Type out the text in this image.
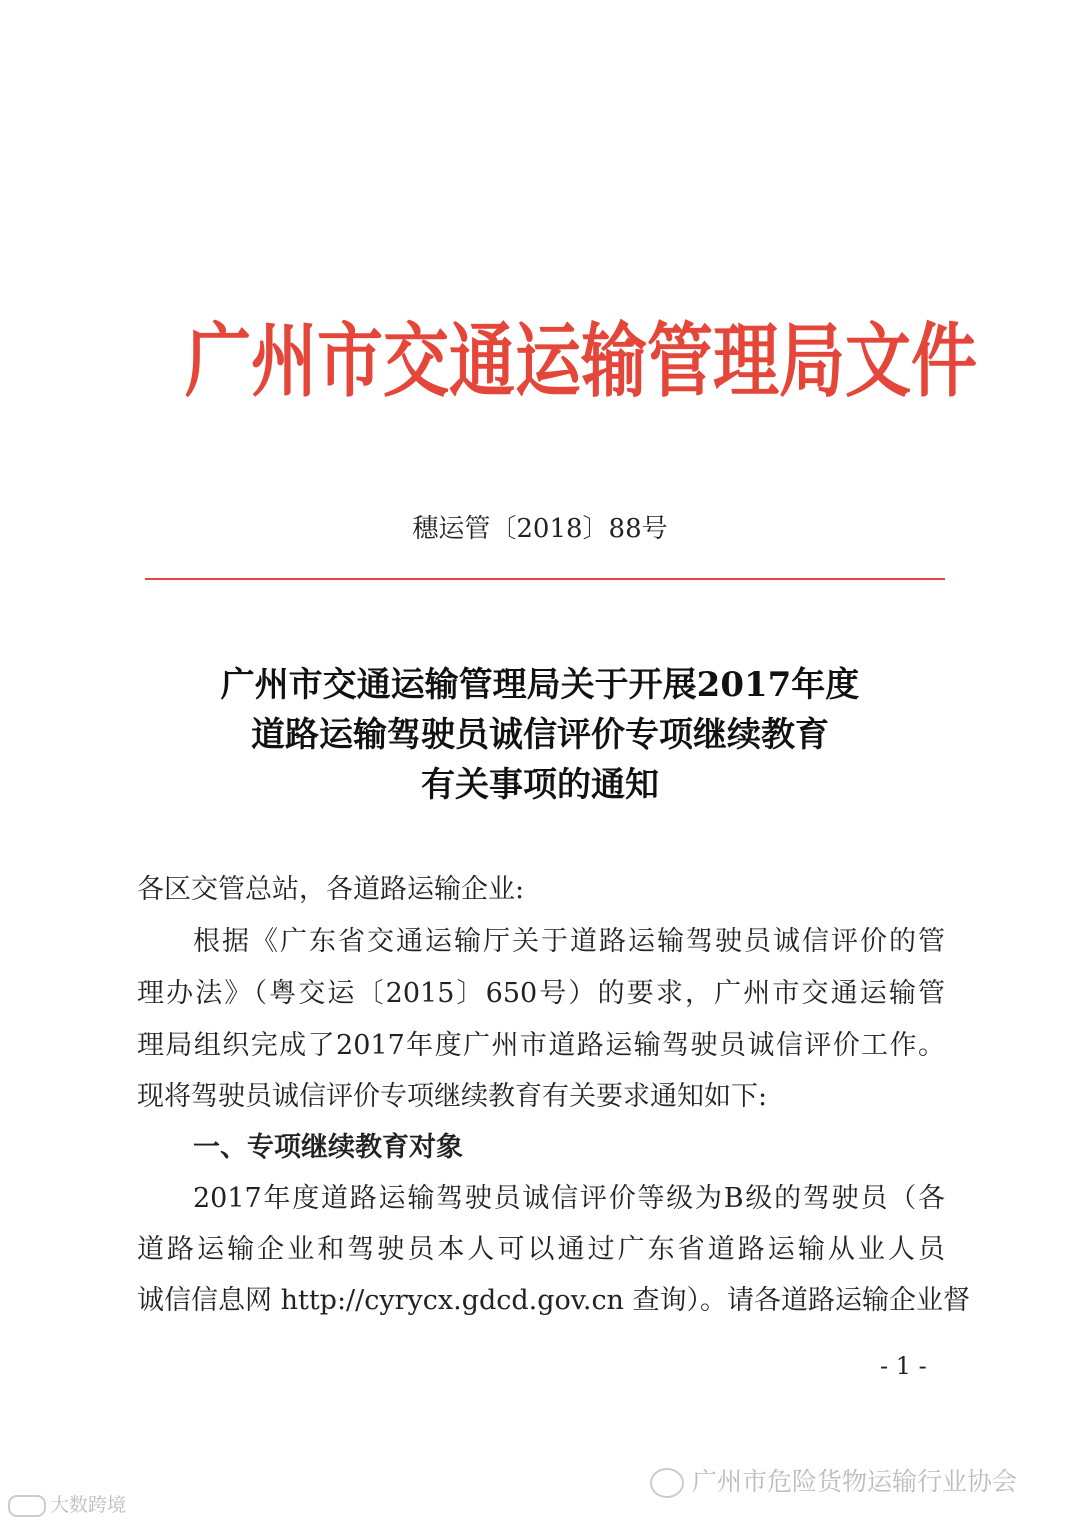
广州市交通运输管理局文件
穗运管〔2018〕88号
广州市交通运输管理局关于开展2017年度
道路运输驾驶员诚信评价专项继续教育
有关事项的通知
各区交管总站，各道路运输企业:
根据《广东省交通运输厅关于道路运输驾驶员诚信评价的管
理办法》（粤交运〔2015〕650号）的要求，广州市交通运输管
理局组织完成了2017年度广州市道路运输驾驶员诚信评价工作。
现将驾驶员诚信评价专项继续教育有关要求通知如下:
一、专项继续教育对象
2017年度道路运输驾驶员诚信评价等级为B级的驾驶员（各
道路运输企业和驾驶员本人可以通过广东省道路运输从业人员
诚信信息网 http://cyrycx.gdcd.gov.cn 查询）。请各道路运输企业督
- 1 -
广州市危险货物运输行业协会
大数跨境
